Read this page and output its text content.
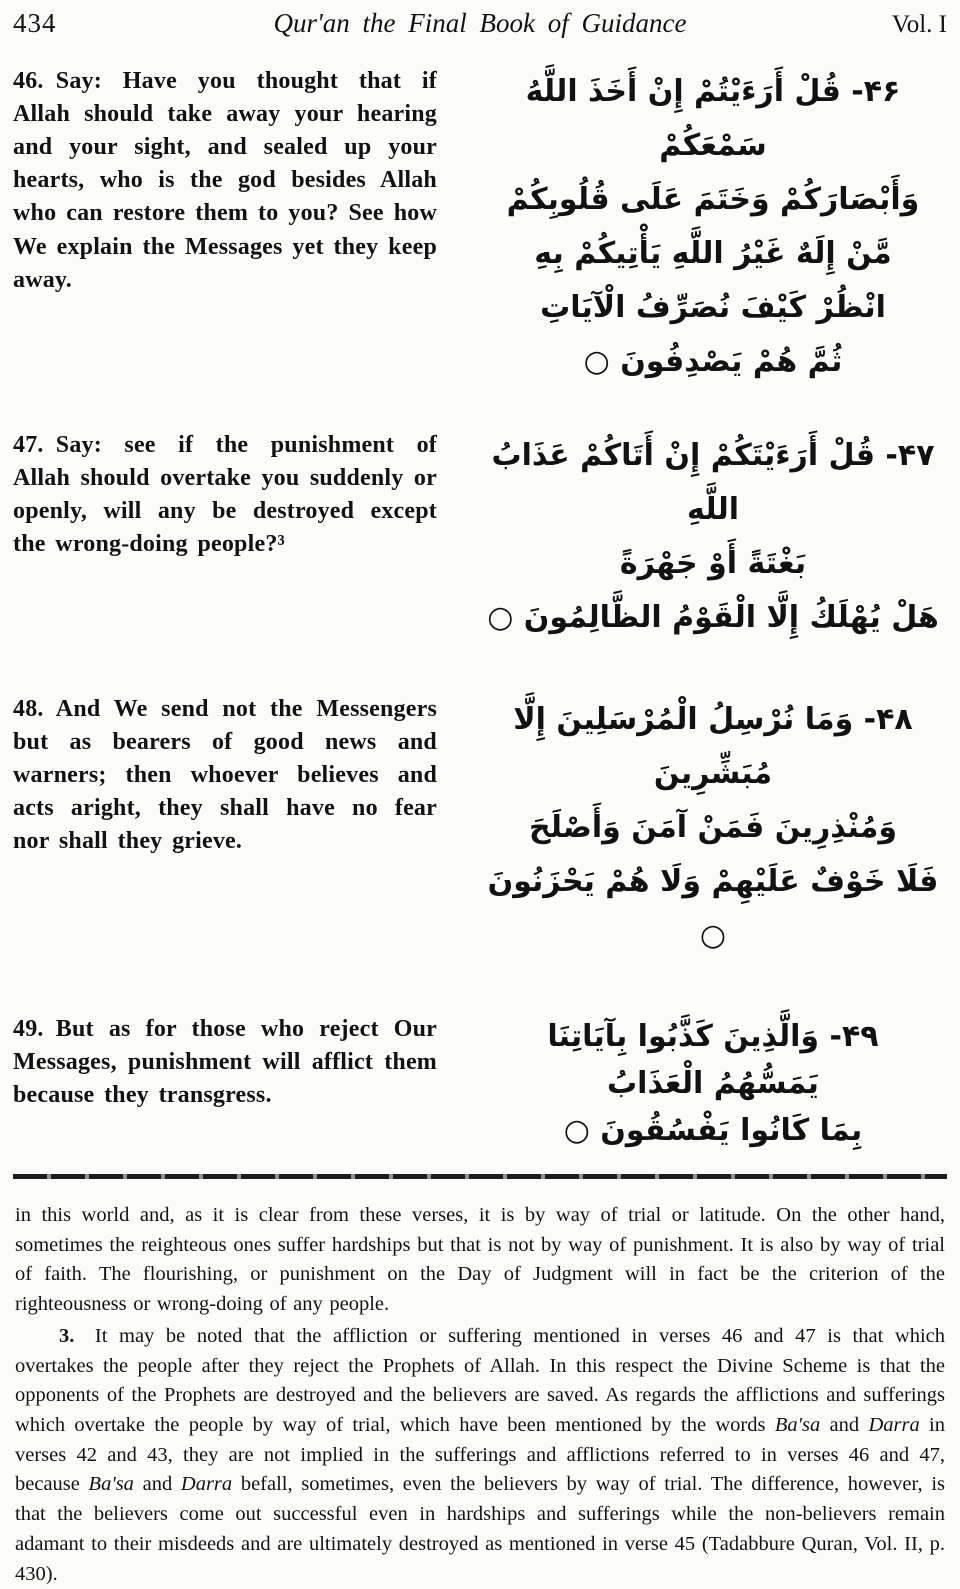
434	Qur'an the Final Book of Guidance	Vol. I

46. Say: Have you thought that if Allah should take away your hearing and your sight, and sealed up your hearts, who is the god besides Allah who can restore them to you? See how We explain the Messages yet they keep away.

۴۶- قُلْ أَرَءَيْتُمْ إِنْ أَخَذَ اللَّهُ سَمْعَكُمْ
وَأَبْصَارَكُمْ وَخَتَمَ عَلَى قُلُوبِكُمْ
مَّنْ إِلَهٌ غَيْرُ اللَّهِ يَأْتِيكُمْ بِهِ
انْظُرْ كَيْفَ نُصَرِّفُ الْآيَاتِ
ثُمَّ هُمْ يَصْدِفُونَ ○

47. Say: see if the punishment of Allah should overtake you suddenly or openly, will any be destroyed except the wrong-doing people?³

۴۷- قُلْ أَرَءَيْتَكُمْ إِنْ أَتَاكُمْ عَذَابُ اللَّهِ
بَغْتَةً أَوْ جَهْرَةً
هَلْ يُهْلَكُ إِلَّا الْقَوْمُ الظَّالِمُونَ ○

48. And We send not the Messengers but as bearers of good news and warners; then whoever believes and acts aright, they shall have no fear nor shall they grieve.

۴۸- وَمَا نُرْسِلُ الْمُرْسَلِينَ إِلَّا مُبَشِّرِينَ
وَمُنْذِرِينَ فَمَنْ آمَنَ وَأَصْلَحَ
فَلَا خَوْفٌ عَلَيْهِمْ وَلَا هُمْ يَحْزَنُونَ ○

49. But as for those who reject Our Messages, punishment will afflict them because they transgress.

۴۹- وَالَّذِينَ كَذَّبُوا بِآيَاتِنَا
يَمَسُّهُمُ الْعَذَابُ
بِمَا كَانُوا يَفْسُقُونَ ○

in this world and, as it is clear from these verses, it is by way of trial or latitude. On the other hand, sometimes the reighteous ones suffer hardships but that is not by way of punishment. It is also by way of trial of faith. The flourishing, or punishment on the Day of Judgment will in fact be the criterion of the righteousness or wrong-doing of any people.

3. It may be noted that the affliction or suffering mentioned in verses 46 and 47 is that which overtakes the people after they reject the Prophets of Allah. In this respect the Divine Scheme is that the opponents of the Prophets are destroyed and the believers are saved. As regards the afflictions and sufferings which overtake the people by way of trial, which have been mentioned by the words Ba'sa and Darra in verses 42 and 43, they are not implied in the sufferings and afflictions referred to in verses 46 and 47, because Ba'sa and Darra befall, sometimes, even the believers by way of trial. The difference, however, is that the believers come out successful even in hardships and sufferings while the non-believers remain adamant to their misdeeds and are ultimately destroyed as mentioned in verse 45 (Tadabbure Quran, Vol. II, p. 430).
